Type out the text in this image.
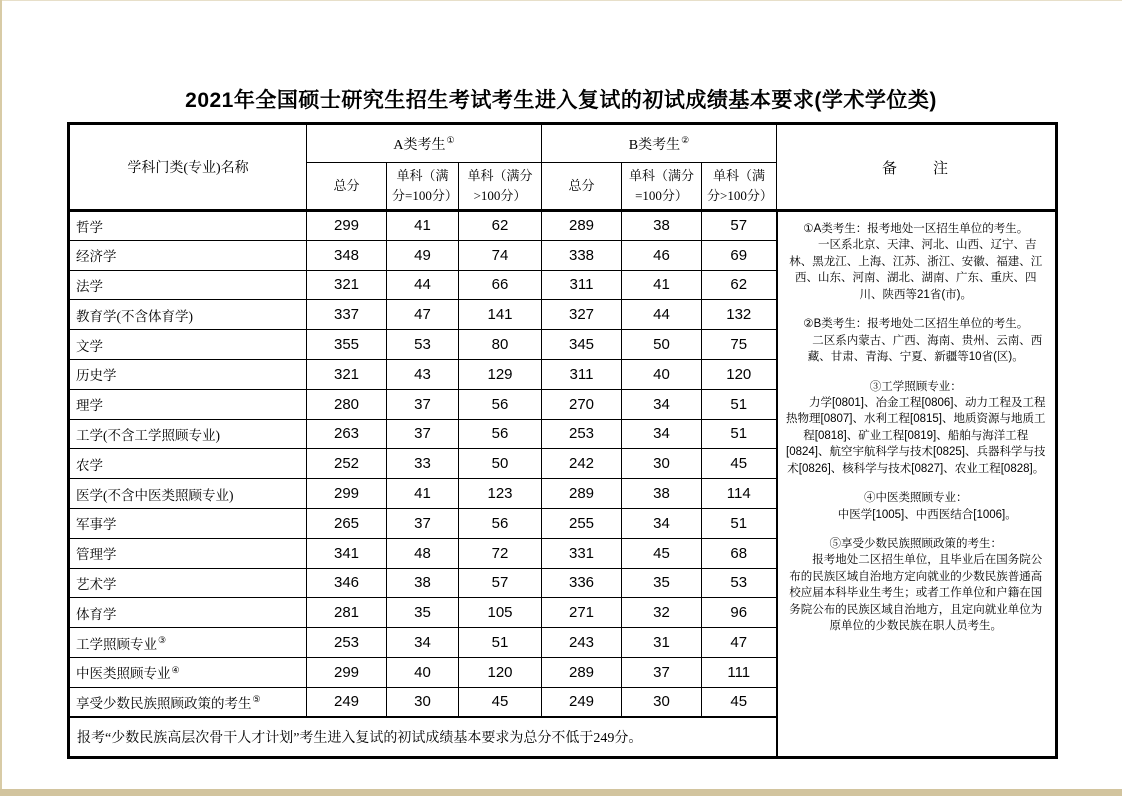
2021年全国硕士研究生招生考试考生进入复试的初试成绩基本要求(学术学位类)
学科门类(专业)名称	A类考生①			B类考生②			备　　注
	总分	单科（满分=100分）	单科（满分>100分）	总分	单科（满分=100分）	单科（满分>100分）	
哲学	299	41	62	289	38	57	①A类考生：报考地处一区招生单位的考生。
一区系北京、天津、河北、山西、辽宁、吉林、黑龙江、上海、江苏、浙江、安徽、福建、江西、山东、河南、湖北、湖南、广东、重庆、四川、陕西等21省(市)。
②B类考生：报考地处二区招生单位的考生。
二区系内蒙古、广西、海南、贵州、云南、西藏、甘肃、青海、宁夏、新疆等10省(区)。
③工学照顾专业：
力学[0801]、冶金工程[0806]、动力工程及工程热物理[0807]、水利工程[0815]、地质资源与地质工程[0818]、矿业工程[0819]、船舶与海洋工程[0824]、航空宇航科学与技术[0825]、兵器科学与技术[0826]、核科学与技术[0827]、农业工程[0828]。
④中医类照顾专业：
中医学[1005]、中西医结合[1006]。
⑤享受少数民族照顾政策的考生：
报考地处二区招生单位，且毕业后在国务院公布的民族区域自治地方定向就业的少数民族普通高校应届本科毕业生考生；或者工作单位和户籍在国务院公布的民族区域自治地方，且定向就业单位为原单位的少数民族在职人员考生。

经济学	348	49	74	338	46	69	
法学	321	44	66	311	41	62	
教育学(不含体育学)	337	47	141	327	44	132	
文学	355	53	80	345	50	75	
历史学	321	43	129	311	40	120	
理学	280	37	56	270	34	51	
工学(不含工学照顾专业)	263	37	56	253	34	51	
农学	252	33	50	242	30	45	
医学(不含中医类照顾专业)	299	41	123	289	38	114	
军事学	265	37	56	255	34	51	
管理学	341	48	72	331	45	68	
艺术学	346	38	57	336	35	53	
体育学	281	35	105	271	32	96	
工学照顾专业③	253	34	51	243	31	47	
中医类照顾专业④	299	40	120	289	37	111	
享受少数民族照顾政策的考生⑤	249	30	45	249	30	45	
报考“少数民族高层次骨干人才计划”考生进入复试的初试成绩基本要求为总分不低于249分。							
